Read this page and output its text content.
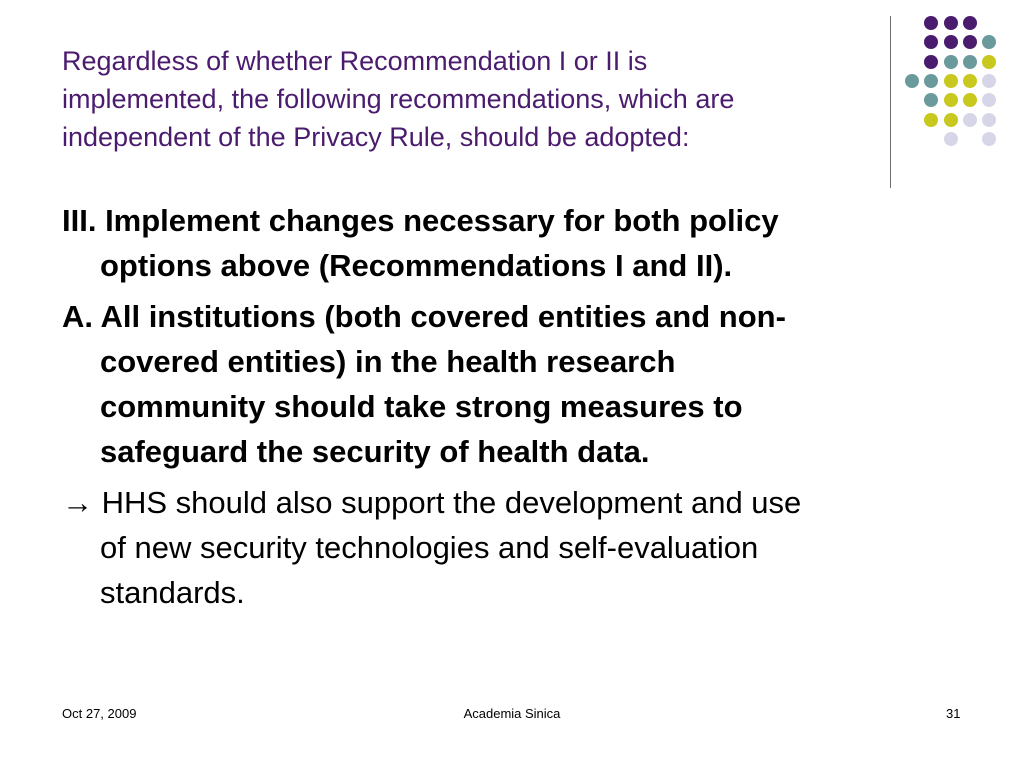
Regardless of whether Recommendation I or II is
implemented, the following recommendations, which are
independent of the Privacy Rule, should be adopted:
III. Implement changes necessary for both policy
options above (Recommendations I and II).
A. All institutions (both covered entities and non-
covered entities) in the health research
community should take strong measures to
safeguard the security of health data.
→ HHS should also support the development and use
of new security technologies and self-evaluation
standards.
Oct 27, 2009	Academia Sinica	31
